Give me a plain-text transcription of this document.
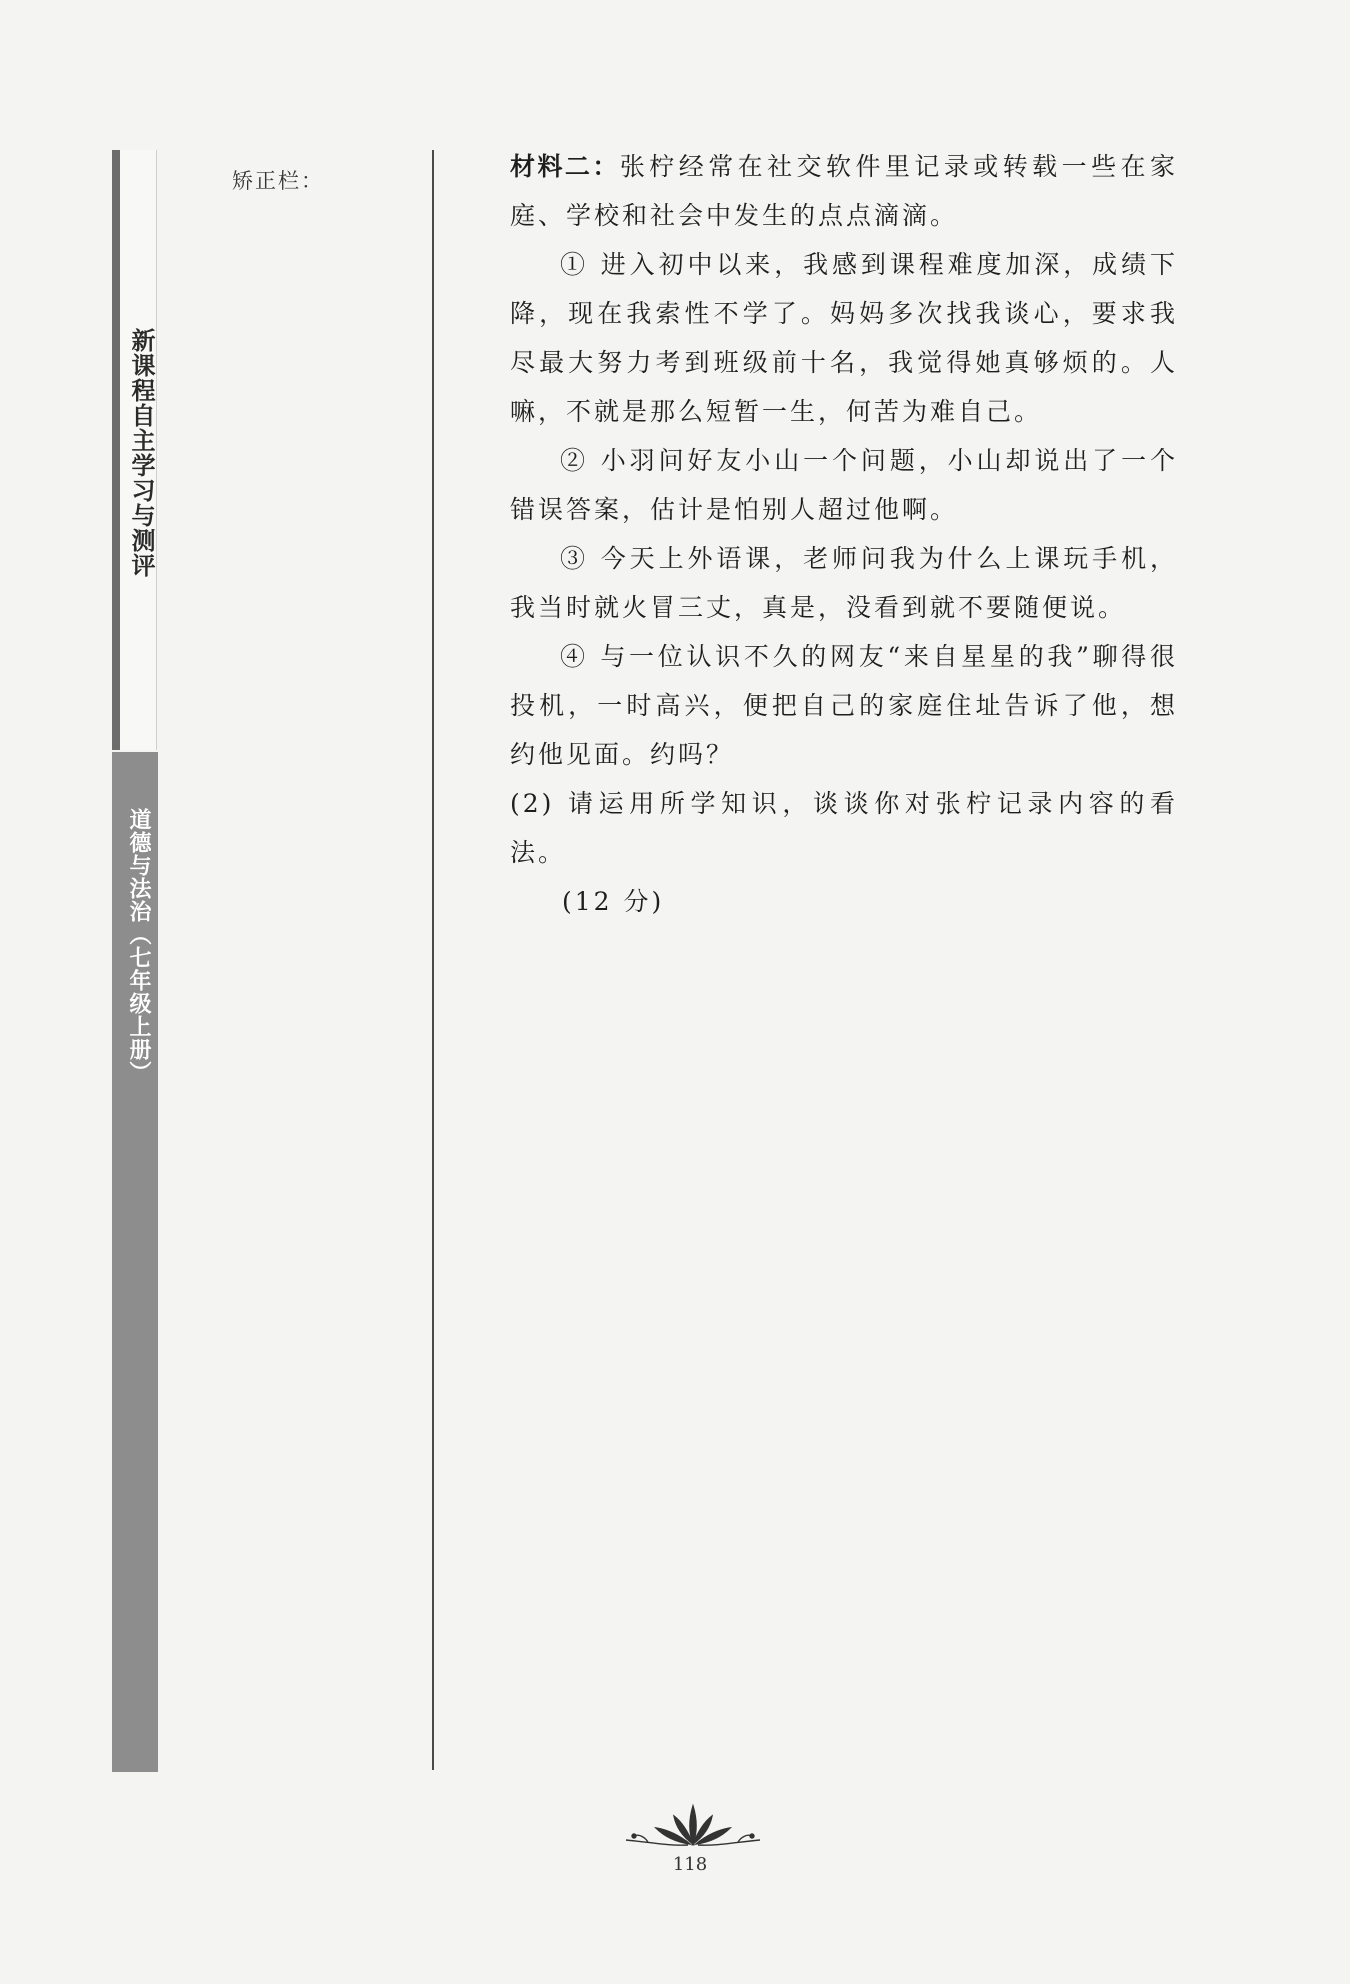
新课程自主学习与测评
道德与法治（七年级上册）
矫正栏：	材料二：张柠经常在社交软件里记录或转载一些在家庭、学校和社会中发生的点点滴滴。

① 进入初中以来，我感到课程难度加深，成绩下降，现在我索性不学了。妈妈多次找我谈心，要求我尽最大努力考到班级前十名，我觉得她真够烦的。人嘛，不就是那么短暂一生，何苦为难自己。

② 小羽问好友小山一个问题，小山却说出了一个错误答案，估计是怕别人超过他啊。

③ 今天上外语课，老师问我为什么上课玩手机，我当时就火冒三丈，真是，没看到就不要随便说。

④ 与一位认识不久的网友“来自星星的我”聊得很投机，一时高兴，便把自己的家庭住址告诉了他，想约他见面。约吗？

(2) 请运用所学知识，谈谈你对张柠记录内容的看法。

(12 分)

118
